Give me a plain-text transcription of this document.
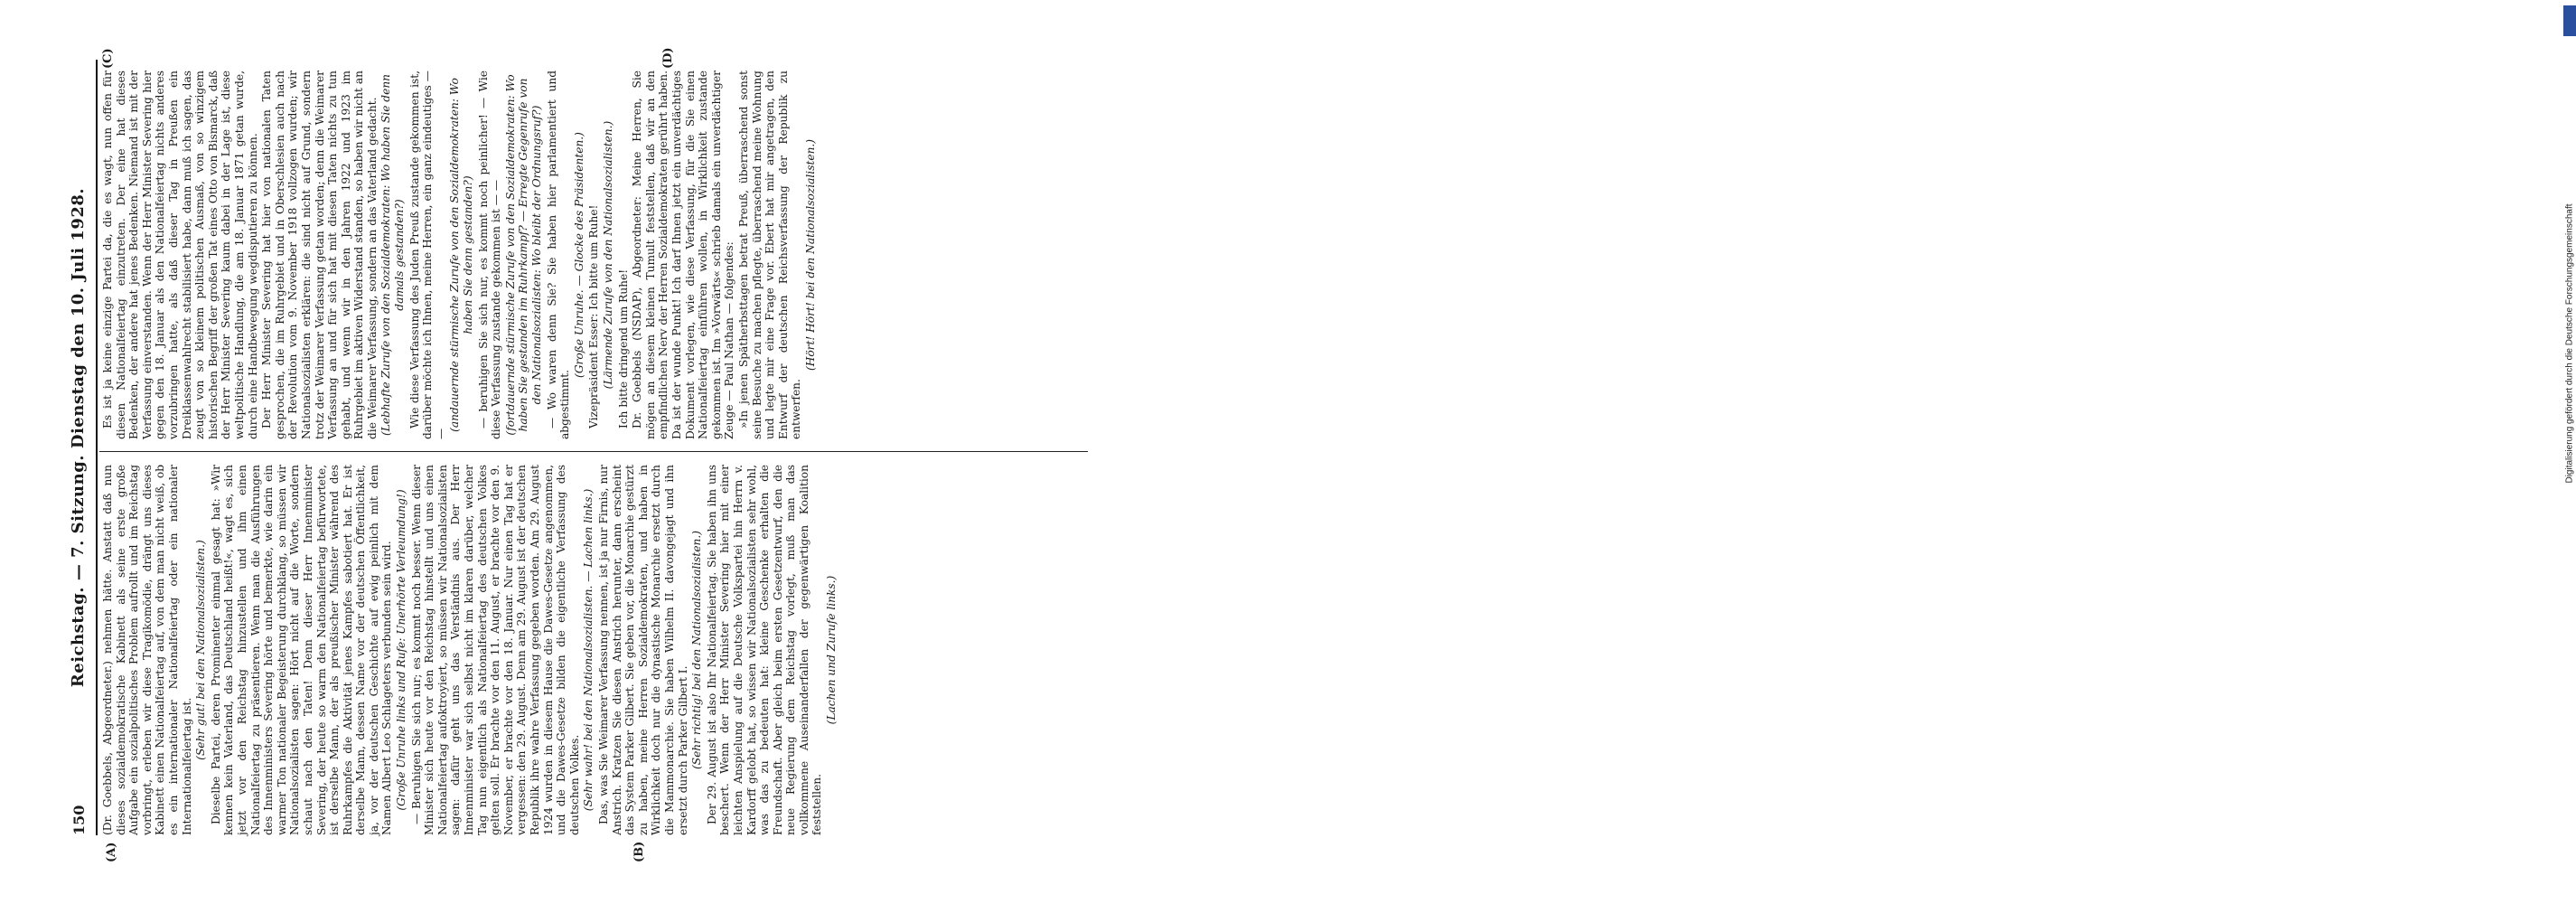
150
Reichstag. — 7. Sitzung. Dienstag den 10. Juli 1928. (Dr. Goebbels, Abgeordneter.) nehmen hätte. Anstatt daß nun dieses sozialdemokratische Kabinett als seine erste große Aufgabe ein sozialpolitisches Problem aufrollt und im Reichstag vorbringt, erleben wir diese Tragikomödie, drängt uns dieses Kabinett einen Nationalfeiertag auf, von dem man nicht weiß, ob es ein internationaler Nationalfeiertag oder ein nationaler Internationalfeiertag ist.

(Sehr gut! bei den Nationalsozialisten.) Dieselbe Partei, deren Prominenter einmal gesagt hat: »Wir kennen kein Vaterland, das Deutschland heißt!«, wagt es, sich jetzt vor den Reichstag hinzustellen und ihm einen Nationalfeiertag zu präsentieren. Wenn man die Ausführungen des Innenministers Severing hörte und bemerkte, wie darin ein warmer Ton nationaler Begeisterung durchklang, so müssen wir Nationalsozialisten sagen: Hört nicht auf die Worte, sondern schaut nach den Taten! Denn dieser Herr Innenminister Severing, der heute so warm den Nationalfeiertag befürwortete, ist derselbe Mann, der als preußischer Minister während des Ruhrkampfes die Aktivität jenes Kampfes sabotiert hat. Er ist derselbe Mann, dessen Name vor der deutschen Öffentlichkeit, ja, vor der deutschen Geschichte auf ewig peinlich mit dem Namen Albert Leo Schlageters verbunden sein wird. (Große Unruhe links und Rufe: Unerhörte Verleumdung!) — Beruhigen Sie sich nur; es kommt noch besser. Wenn dieser Minister sich heute vor den Reichstag hinstellt und uns einen Nationalfeiertag aufoktroyiert, so müssen wir Nationalsozialisten sagen: dafür geht uns das Verständnis aus. Der Herr Innenminister war sich selbst nicht im klaren darüber, welcher Tag nun eigentlich als Nationalfeiertag des deutschen Volkes gelten soll. Er brachte vor den 11. August, er brachte vor den 9. November, er brachte vor den 18. Januar. Nur einen Tag hat er vergessen: den 29. August. Denn am 29. August ist der deutschen Republik ihre wahre Verfassung gegeben worden. Am 29. August 1924 wurden in diesem Hause die Dawes-Gesetze angenommen, und die Dawes-Gesetze bilden die eigentliche Verfassung des deutschen Volkes. (Sehr wahr! bei den Nationalsozialisten. — Lachen links.) Das, was Sie Weimarer Verfassung nennen, ist ja nur Firnis, nur Anstrich. Kratzen Sie diesen Anstrich herunter, dann erscheint das System Parker Gilbert. Sie geben vor, die Monarchie gestürzt zu haben, meine Herren Sozialdemokraten, und haben in Wirklichkeit doch nur die dynastische Monarchie ersetzt durch die Mammonarchie. Sie haben Wilhelm II. davongejagt und ihn ersetzt durch Parker Gilbert I. (Sehr richtig! bei den Nationalsozialisten.) Der 29. August ist also Ihr Nationalfeiertag. Sie haben ihn uns beschert. Wenn der Herr Minister Severing hier mit einer leichten Anspielung auf die Deutsche Volkspartei hin Herrn v. Kardorff gelobt hat, so wissen wir Nationalsozialisten sehr wohl, was das zu bedeuten hat: kleine Geschenke erhalten die Freundschaft. Aber gleich beim ersten Gesetzentwurf, den die neue Regierung dem Reichstag vorlegt, muß man das vollkommene Auseinanderfallen der gegenwärtigen Koalition feststellen.

(Lachen und Zurufe links.)

Es ist ja keine einzige Partei da, die es wagt, nun offen für diesen Nationalfeiertag einzutreten. Der eine hat dieses Bedenken, der andere hat jenes Bedenken. Niemand ist mit der Verfassung einverstanden. Wenn der Herr Minister Severing hier gegen den 18. Januar als den Nationalfeiertag nichts anderes vorzubringen hatte, als daß dieser Tag in Preußen ein Dreiklassenwahlrecht stabilisiert habe, dann muß ich sagen, das zeugt von so kleinem politischen Ausmaß, von so winzigem historischen Begriff der großen Tat eines Otto von Bismarck, daß der Herr Minister Severing kaum dabei in der Lage ist, diese weltpolitische Handlung, die am 18. Januar 1871 getan wurde, durch eine Handbewegung wegdisputieren zu können. Der Herr Minister Severing hat hier von nationalen Taten gesprochen, die im Ruhrgebiet und in Oberschlesien auch nach der Revolution vom 9. November 1918 vollzogen wurden; wir Nationalsozialisten erklären: die sind nicht auf Grund, sondern trotz der Weimarer Verfassung getan worden; denn die Weimarer Verfassung an und für sich hat mit diesen Taten nichts zu tun gehabt, und wenn wir in den Jahren 1922 und 1923 im Ruhrgebiet im aktiven Widerstand standen, so haben wir nicht an die Weimarer Verfassung, sondern an das Vaterland gedacht. (Lebhafte Zurufe von den Sozialdemokraten: Wo haben Sie denn damals gestanden?) Wie diese Verfassung des Juden Preuß zustande gekommen ist, darüber möchte ich Ihnen, meine Herren, ein ganz eindeutiges — —

(andauernde stürmische Zurufe von den Sozialdemokraten: Wo haben Sie denn gestanden?) — beruhigen Sie sich nur, es kommt noch peinlicher! — Wie diese Verfassung zustande gekommen ist — — (fortdauernde stürmische Zurufe von den Sozialdemokraten: Wo haben Sie gestanden im Ruhrkampf? — Erregte Gegenrufe von den Nationalsozialisten: Wo bleibt der Ordnungsruf?) — Wo waren denn Sie? Sie haben hier parlamentiert und abgestimmt.

(Große Unruhe. — Glocke des Präsidenten.) Vizepräsident Esser: Ich bitte um Ruhe! (Lärmende Zurufe von den Nationalsozialisten.) Ich bitte dringend um Ruhe! Dr. Goebbels (NSDAP), Abgeordneter: Meine Herren, Sie mögen an diesem kleinen Tumult feststellen, daß wir an den empfindlichen Nerv der Herren Sozialdemokraten gerührt haben. Da ist der wunde Punkt! Ich darf Ihnen jetzt ein unverdächtiges Dokument vorlegen, wie diese Verfassung, für die Sie einen Nationalfeiertag einführen wollen, in Wirklichkeit zustande gekommen ist. Im »Vorwärts« schrieb damals ein unverdächtiger Zeuge — Paul Nathan — folgendes: »In jenen Spätherbsttagen betrat Preuß, überraschend sonst seine Besuche zu machen pflegte, überraschend meine Wohnung und legte mir eine Frage vor. Ebert hat mir angetragen, den Entwurf der deutschen Reichsverfassung der Republik zu entwerfen.

(Hört! Hört! bei den Nationalsozialisten.)

(A)	(B)
(C)	(D)
Digitalisierung gefördert durch die Deutsche Forschungsgemeinschaft
